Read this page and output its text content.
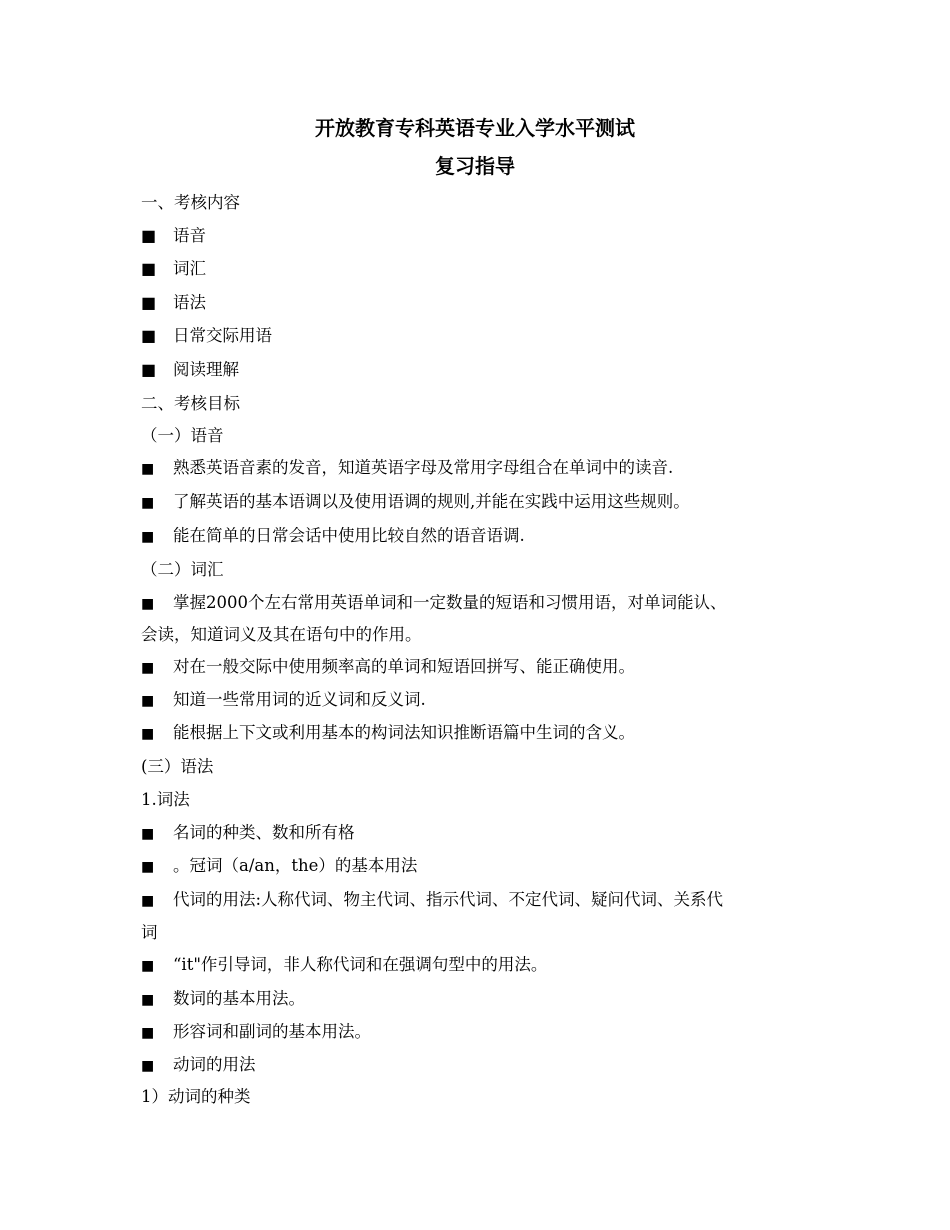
开放教育专科英语专业入学水平测试
复习指导
一、考核内容
■ 语音
■ 词汇
■ 语法
■ 日常交际用语
■ 阅读理解
二、考核目标
（一）语音
■ 熟悉英语音素的发音，知道英语字母及常用字母组合在单词中的读音.
■ 了解英语的基本语调以及使用语调的规则,并能在实践中运用这些规则。
■ 能在简单的日常会话中使用比较自然的语音语调.
（二）词汇
■ 掌握2000个左右常用英语单词和一定数量的短语和习惯用语，对单词能认、
会读，知道词义及其在语句中的作用。
■ 对在一般交际中使用频率高的单词和短语回拼写、能正确使用。
■ 知道一些常用词的近义词和反义词.
■ 能根据上下文或利用基本的构词法知识推断语篇中生词的含义。
(三）语法
1.词法
■ 名词的种类、数和所有格
■ 。冠词（a/an，the）的基本用法
■ 代词的用法:人称代词、物主代词、指示代词、不定代词、疑问代词、关系代
词
■ “it"作引导词，非人称代词和在强调句型中的用法。
■ 数词的基本用法。
■ 形容词和副词的基本用法。
■ 动词的用法
1）动词的种类
